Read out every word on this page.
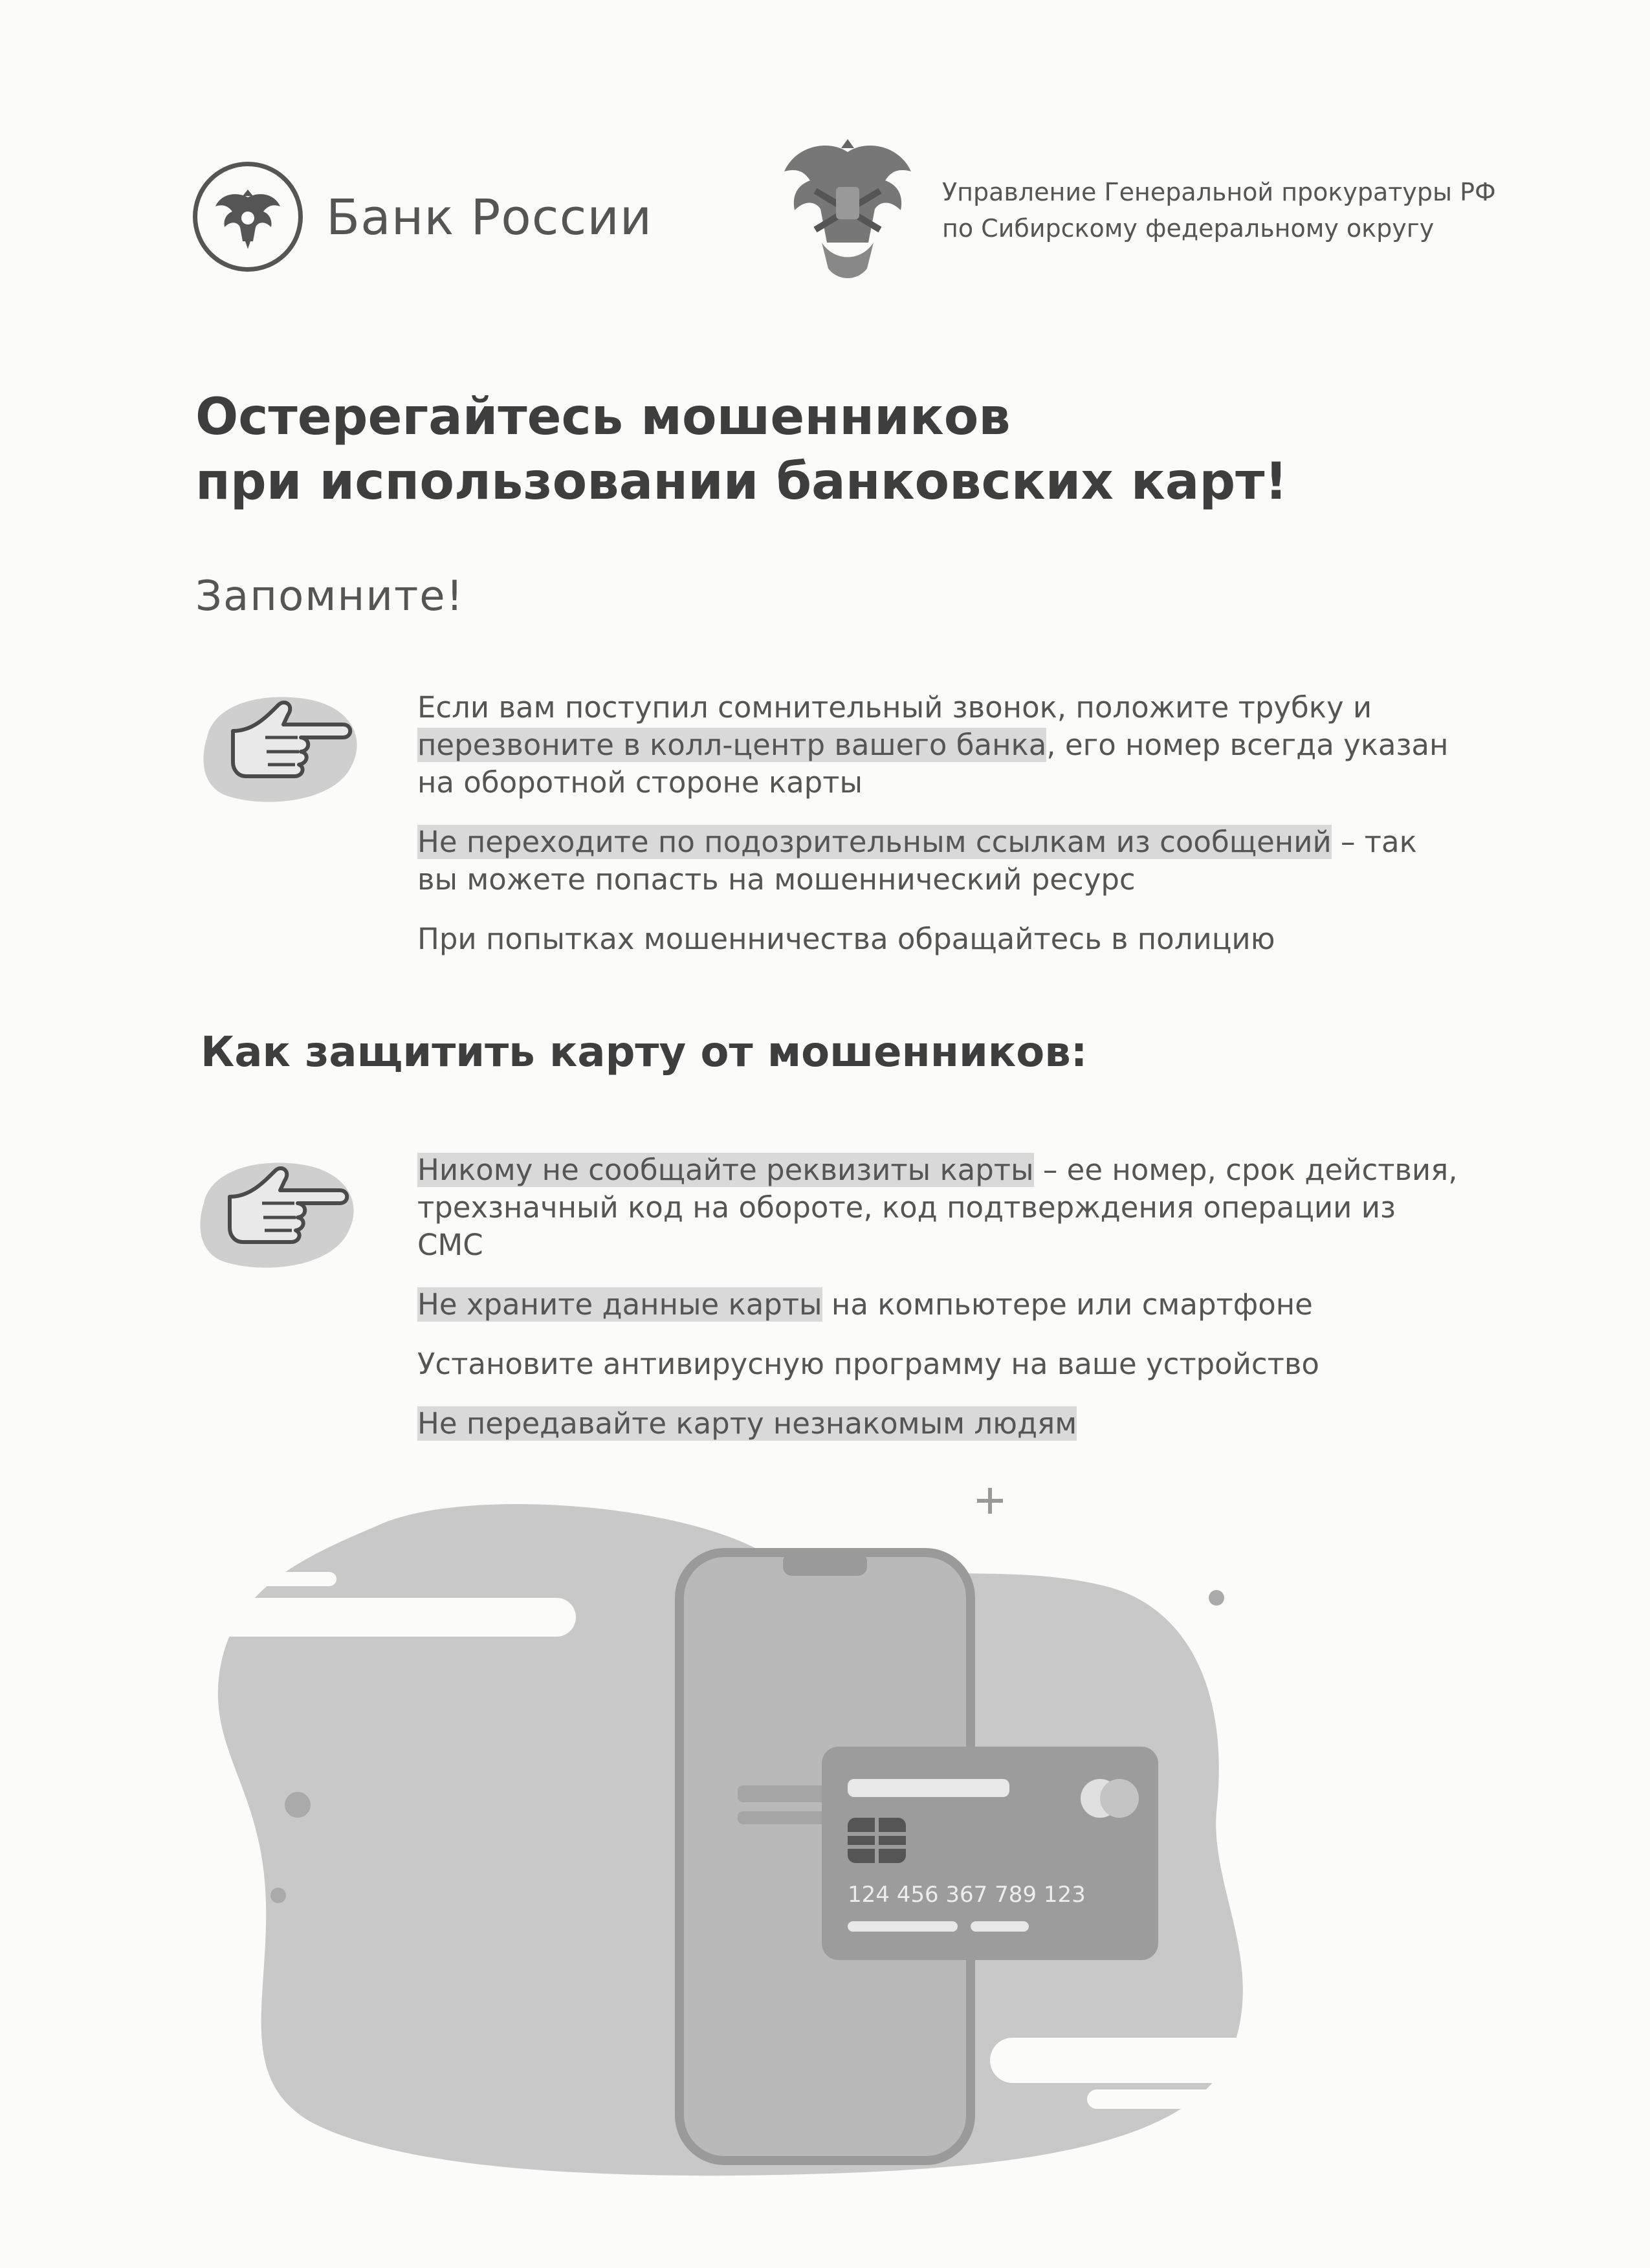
Банк России	Управление Генеральной прокуратуры РФ
по Сибирскому федеральному округу
Остерегайтесь мошенников
при использовании банковских карт!
Запомните!

Если вам поступил сомнительный звонок, положите трубку и перезвоните в колл-центр вашего банка, его номер всегда указан на оборотной стороне карты

Не переходите по подозрительным ссылкам из сообщений – так вы можете попасть на мошеннический ресурс

При попытках мошенничества обращайтесь в полицию

Как защитить карту от мошенников:

Никому не сообщайте реквизиты карты – ее номер, срок действия, трехзначный код на обороте, код подтверждения операции из СМС

Не храните данные карты на компьютере или смартфоне

Установите антивирусную программу на ваше устройство

Не передавайте карту незнакомым людям

124 456 367 789 123
